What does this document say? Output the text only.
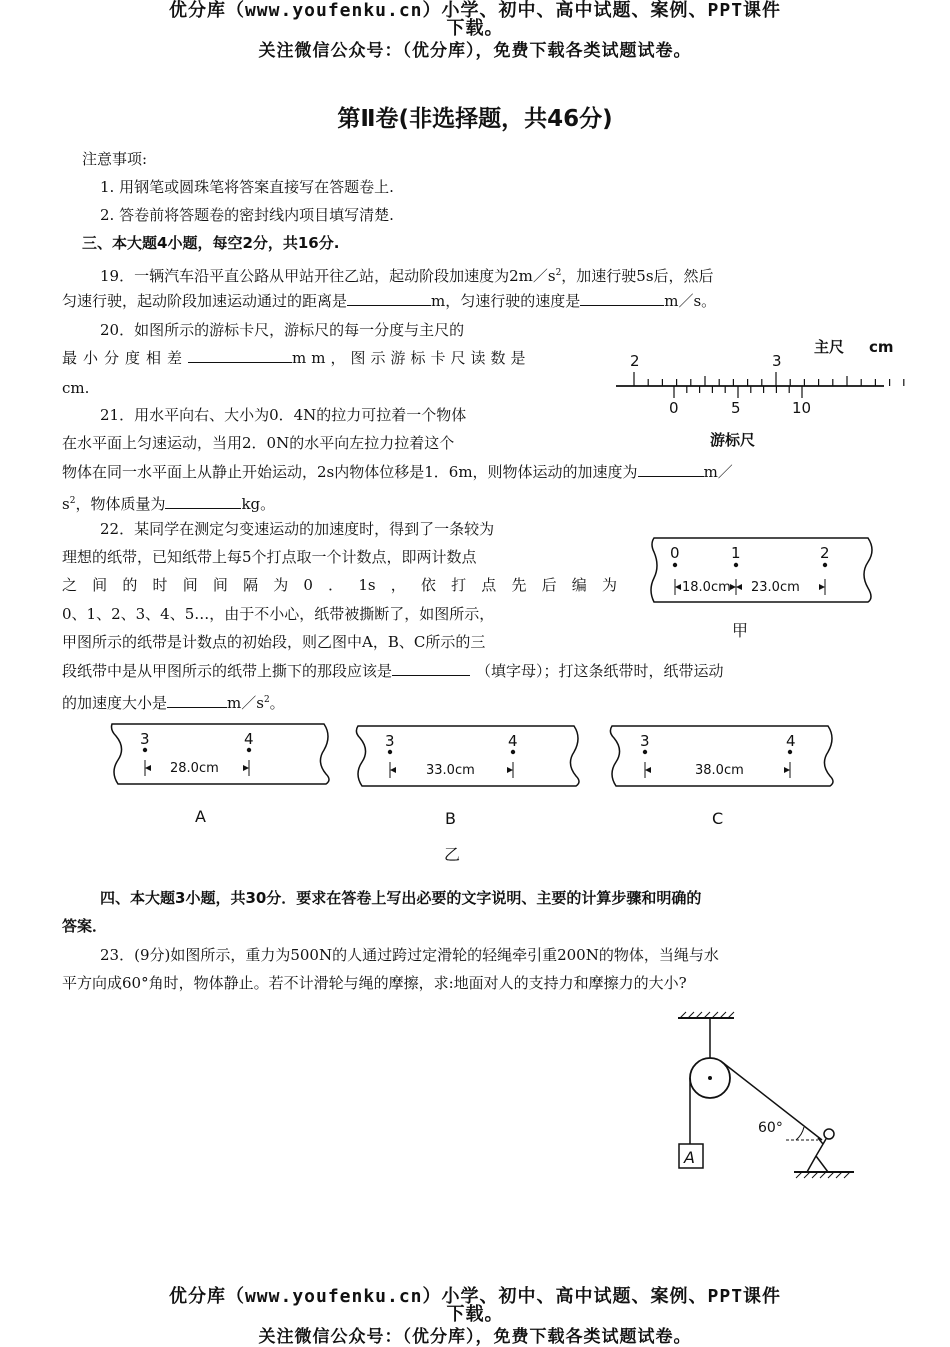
优分库（www.youfenku.cn）小学、初中、高中试题、案例、PPT课件
下载。
关注微信公众号：（优分库），免费下载各类试题试卷。
第Ⅱ卷(非选择题，共46分)
注意事项:
1. 用钢笔或圆珠笔将答案直接写在答题卷上.
2. 答卷前将答题卷的密封线内项目填写清楚.
三、本大题4小题，每空2分，共16分.
19．一辆汽车沿平直公路从甲站开往乙站，起动阶段加速度为$2m/s^2$，加速行驶5s后，然后
匀速行驶，起动阶段加速运动通过的距离是	m，匀速行驶的速度是	m／s。
20．如图所示的游标卡尺，游标尺的每一分度与主尺的
最小分度相差	mm，图示游标卡尺读数是
cm.
主尺 cm
2	3
0	5	10
游标尺
21．用水平向右、大小为0．4N的拉力可拉着一个物体
在水平面上匀速运动，当用2．0N的水平向左拉力拉着这个
物体在同一水平面上从静止开始运动，2s内物体位移是1．6m，则物体运动的加速度为	m／
$s^2$，物体质量为	kg。
22．某同学在测定匀变速运动的加速度时，得到了一条较为
理想的纸带，已知纸带上每5个打点取一个计数点，即两计数点
之间的时间间隔为0．1s，依打点先后编为
0、1、2、3、4、5…，由于不小心，纸带被撕断了，如图所示，
甲图所示的纸带是计数点的初始段，则乙图中A，B、C所示的三
段纸带中是从甲图所示的纸带上撕下的那段应该是	（填字母）；打这条纸带时，纸带运动
的加速度大小是	$m/s^2$。
0	1	2
18.0cm 23.0cm
甲
3	4
28.0cm
A
3	4
33.0cm
B
3	4
38.0cm
C
乙
四、本大题3小题，共30分．要求在答卷上写出必要的文字说明、主要的计算步骤和明确的
答案．
23．(9分)如图所示，重力为500N的人通过跨过定滑轮的轻绳牵引重200N的物体，当绳与水
平方向成60°角时，物体静止。若不计滑轮与绳的摩擦，求:地面对人的支持力和摩擦力的大小?
A
60°
优分库（www.youfenku.cn）小学、初中、高中试题、案例、PPT课件
下载。
关注微信公众号：（优分库），免费下载各类试题试卷。
